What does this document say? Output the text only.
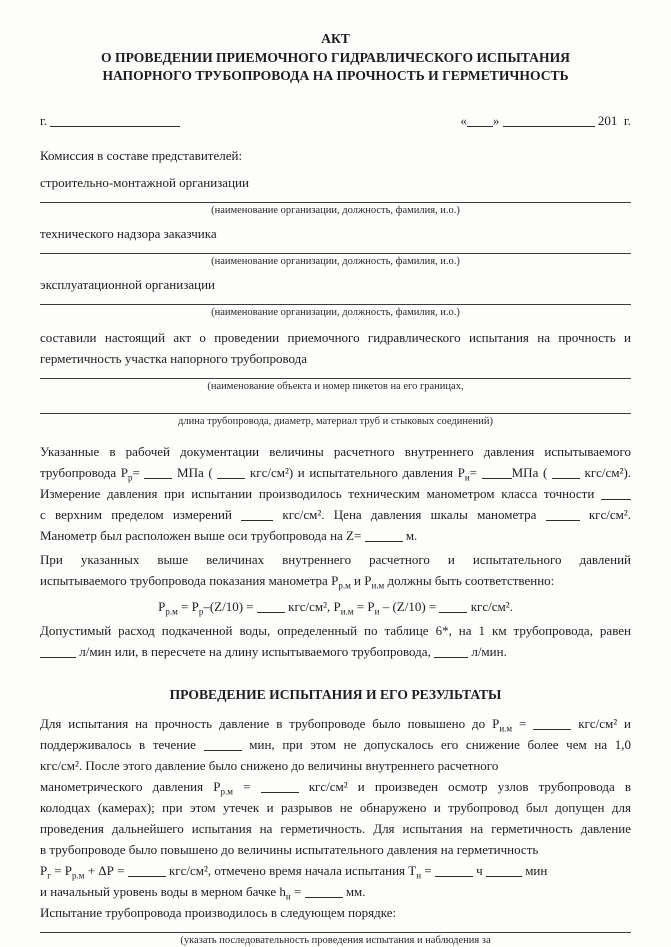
АКТ
О ПРОВЕДЕНИИ ПРИЕМОЧНОГО ГИДРАВЛИЧЕСКОГО ИСПЫТАНИЯ
НАПОРНОГО ТРУБОПРОВОДА НА ПРОЧНОСТЬ И ГЕРМЕТИЧНОСТЬ
г.	« »	201  г.
Комиссия в составе представителей:
строительно-монтажной организации
(наименование организации, должность, фамилия, и.о.)
технического надзора заказчика
(наименование организации, должность, фамилия, и.о.)
эксплуатационной организации
(наименование организации, должность, фамилия, и.о.)
составили настоящий акт о проведении приемочного гидравлического испытания на прочность и
герметичность участка напорного трубопровода
(наименование объекта и номер пикетов на его границах,
длина трубопровода, диаметр, материал труб и стыковых соединений)
Указанные в рабочей документации величины расчетного внутреннего давления испытываемого
трубопровода $Р_р=$  МПа (  кгс/см²) и испытательного давления $Р_и=$ МПа (  кгс/см²).
Измерение давления при испытании производилось техническим манометром класса точности
с верхним пределом измерений  кгс/см². Цена давления шкалы манометра	кгс/см².
Манометр был расположен выше оси трубопровода на Z=	м.
При указанных выше величинах внутреннего расчетного и испытательного давлений
испытываемого трубопровода показания манометра $Р_{р.м}$ и $Р_{и.м}$ должны быть соответственно:
$Р_{р.м} = Р_р-(Z/10) = кгс/см^2$, $Р_{и.м} = Р_и - (Z/10) = кгс/см^2$.
Допустимый расход подкаченной воды, определенный по таблице 6*, на 1 км трубопровода, равен
л/мин или, в пересчете на длину испытываемого трубопровода,	л/мин.
ПРОВЕДЕНИЕ ИСПЫТАНИЯ И ЕГО РЕЗУЛЬТАТЫ
Для испытания на прочность давление в трубопроводе было повышено до $Р_{и.м}$ =	кгс/см² и
поддерживалось в течение	мин, при этом не допускалось его снижение более чем на 1,0
кгс/см². После этого давление было снижено до величины внутреннего расчетного
манометрического давления $Р_{р.м}$ =	кгс/см² и произведен осмотр узлов трубопровода в
колодцах (камерах); при этом утечек и разрывов не обнаружено и трубопровод был допущен для
проведения дальнейшего испытания на герметичность. Для испытания на герметичность давление
в трубопроводе было повышено до величины испытательного давления на герметичность
$Р_г = Р_{р.м} + \Delta Р$ =	кгс/см², отмечено время начала испытания $Т_н$ =	ч	мин
и начальный уровень воды в мерном бачке $h_н$ =	мм.
Испытание трубопровода производилось в следующем порядке:
(указать последовательность проведения испытания и наблюдения за
